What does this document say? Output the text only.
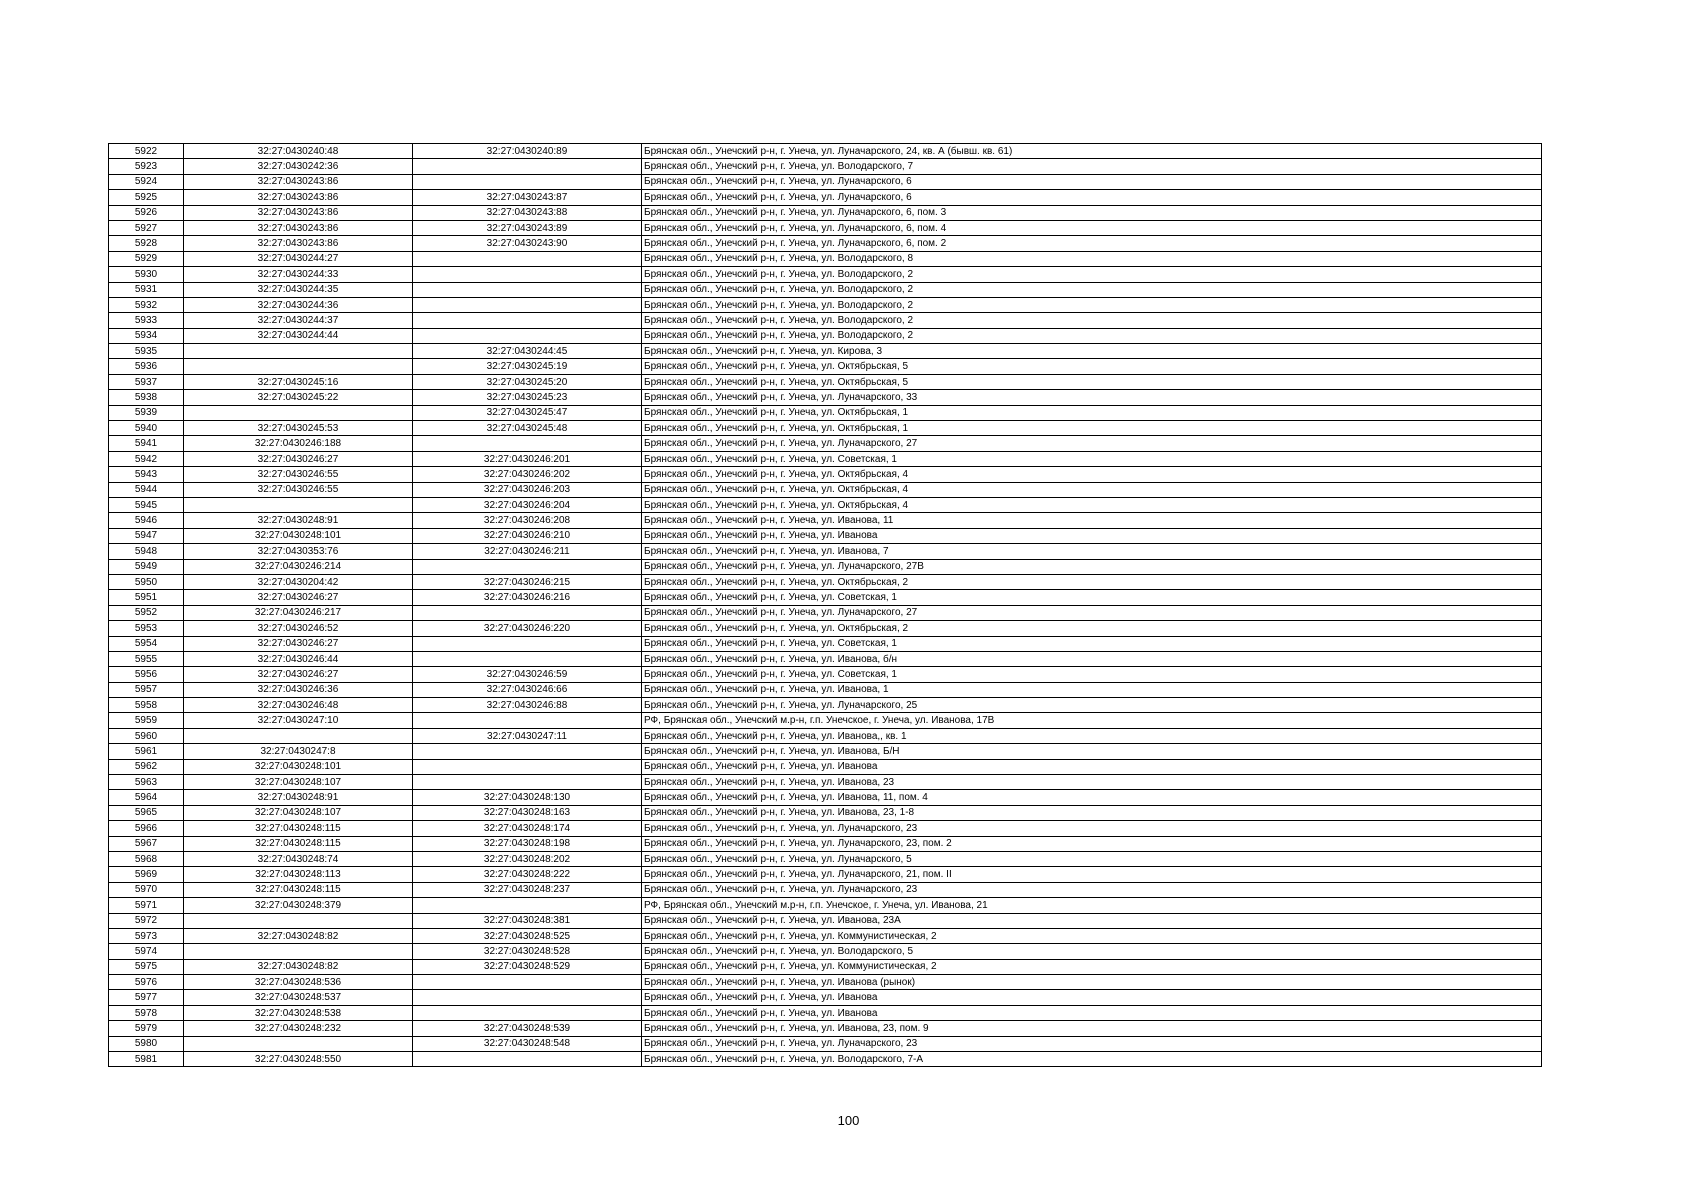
5922	32:27:0430240:48	32:27:0430240:89	Брянская обл., Унечский р-н, г. Унеча, ул. Луначарского, 24, кв. А (бывш. кв. 61)
5923	32:27:0430242:36		Брянская обл., Унечский р-н, г. Унеча, ул. Володарского, 7
5924	32:27:0430243:86		Брянская обл., Унечский р-н, г. Унеча, ул. Луначарского, 6
5925	32:27:0430243:86	32:27:0430243:87	Брянская обл., Унечский р-н, г. Унеча, ул. Луначарского, 6
5926	32:27:0430243:86	32:27:0430243:88	Брянская обл., Унечский р-н, г. Унеча, ул. Луначарского, 6, пом. 3
5927	32:27:0430243:86	32:27:0430243:89	Брянская обл., Унечский р-н, г. Унеча, ул. Луначарского, 6, пом. 4
5928	32:27:0430243:86	32:27:0430243:90	Брянская обл., Унечский р-н, г. Унеча, ул. Луначарского, 6, пом. 2
5929	32:27:0430244:27		Брянская обл., Унечский р-н, г. Унеча, ул. Володарского, 8
5930	32:27:0430244:33		Брянская обл., Унечский р-н, г. Унеча, ул. Володарского, 2
5931	32:27:0430244:35		Брянская обл., Унечский р-н, г. Унеча, ул. Володарского, 2
5932	32:27:0430244:36		Брянская обл., Унечский р-н, г. Унеча, ул. Володарского, 2
5933	32:27:0430244:37		Брянская обл., Унечский р-н, г. Унеча, ул. Володарского, 2
5934	32:27:0430244:44		Брянская обл., Унечский р-н, г. Унеча, ул. Володарского, 2
5935		32:27:0430244:45	Брянская обл., Унечский р-н, г. Унеча, ул. Кирова, 3
5936		32:27:0430245:19	Брянская обл., Унечский р-н, г. Унеча, ул. Октябрьская, 5
5937	32:27:0430245:16	32:27:0430245:20	Брянская обл., Унечский р-н, г. Унеча, ул. Октябрьская, 5
5938	32:27:0430245:22	32:27:0430245:23	Брянская обл., Унечский р-н, г. Унеча, ул. Луначарского, 33
5939		32:27:0430245:47	Брянская обл., Унечский р-н, г. Унеча, ул. Октябрьская, 1
5940	32:27:0430245:53	32:27:0430245:48	Брянская обл., Унечский р-н, г. Унеча, ул. Октябрьская, 1
5941	32:27:0430246:188		Брянская обл., Унечский р-н, г. Унеча, ул. Луначарского, 27
5942	32:27:0430246:27	32:27:0430246:201	Брянская обл., Унечский р-н, г. Унеча, ул. Советская, 1
5943	32:27:0430246:55	32:27:0430246:202	Брянская обл., Унечский р-н, г. Унеча, ул. Октябрьская, 4
5944	32:27:0430246:55	32:27:0430246:203	Брянская обл., Унечский р-н, г. Унеча, ул. Октябрьская, 4
5945		32:27:0430246:204	Брянская обл., Унечский р-н, г. Унеча, ул. Октябрьская, 4
5946	32:27:0430248:91	32:27:0430246:208	Брянская обл., Унечский р-н, г. Унеча, ул. Иванова, 11
5947	32:27:0430248:101	32:27:0430246:210	Брянская обл., Унечский р-н, г. Унеча, ул. Иванова
5948	32:27:0430353:76	32:27:0430246:211	Брянская обл., Унечский р-н, г. Унеча, ул. Иванова, 7
5949	32:27:0430246:214		Брянская обл., Унечский р-н, г. Унеча, ул. Луначарского, 27В
5950	32:27:0430204:42	32:27:0430246:215	Брянская обл., Унечский р-н, г. Унеча, ул. Октябрьская, 2
5951	32:27:0430246:27	32:27:0430246:216	Брянская обл., Унечский р-н, г. Унеча, ул. Советская, 1
5952	32:27:0430246:217		Брянская обл., Унечский р-н, г. Унеча, ул. Луначарского, 27
5953	32:27:0430246:52	32:27:0430246:220	Брянская обл., Унечский р-н, г. Унеча, ул. Октябрьская, 2
5954	32:27:0430246:27		Брянская обл., Унечский р-н, г. Унеча, ул. Советская, 1
5955	32:27:0430246:44		Брянская обл., Унечский р-н, г. Унеча, ул. Иванова, б/н
5956	32:27:0430246:27	32:27:0430246:59	Брянская обл., Унечский р-н, г. Унеча, ул. Советская, 1
5957	32:27:0430246:36	32:27:0430246:66	Брянская обл., Унечский р-н, г. Унеча, ул. Иванова, 1
5958	32:27:0430246:48	32:27:0430246:88	Брянская обл., Унечский р-н, г. Унеча, ул. Луначарского, 25
5959	32:27:0430247:10		РФ, Брянская обл., Унечский м.р-н, г.п. Унечское, г. Унеча, ул. Иванова, 17В
5960		32:27:0430247:11	Брянская обл., Унечский р-н, г. Унеча, ул. Иванова,, кв. 1
5961	32:27:0430247:8		Брянская обл., Унечский р-н, г. Унеча, ул. Иванова, Б/Н
5962	32:27:0430248:101		Брянская обл., Унечский р-н, г. Унеча, ул. Иванова
5963	32:27:0430248:107		Брянская обл., Унечский р-н, г. Унеча, ул. Иванова, 23
5964	32:27:0430248:91	32:27:0430248:130	Брянская обл., Унечский р-н, г. Унеча, ул. Иванова, 11, пом. 4
5965	32:27:0430248:107	32:27:0430248:163	Брянская обл., Унечский р-н, г. Унеча, ул. Иванова, 23, 1-8
5966	32:27:0430248:115	32:27:0430248:174	Брянская обл., Унечский р-н, г. Унеча, ул. Луначарского, 23
5967	32:27:0430248:115	32:27:0430248:198	Брянская обл., Унечский р-н, г. Унеча, ул. Луначарского, 23, пом. 2
5968	32:27:0430248:74	32:27:0430248:202	Брянская обл., Унечский р-н, г. Унеча, ул. Луначарского, 5
5969	32:27:0430248:113	32:27:0430248:222	Брянская обл., Унечский р-н, г. Унеча, ул. Луначарского, 21, пом. II
5970	32:27:0430248:115	32:27:0430248:237	Брянская обл., Унечский р-н, г. Унеча, ул. Луначарского, 23
5971	32:27:0430248:379		РФ, Брянская обл., Унечский м.р-н, г.п. Унечское, г. Унеча, ул. Иванова, 21
5972		32:27:0430248:381	Брянская обл., Унечский р-н, г. Унеча, ул. Иванова, 23А
5973	32:27:0430248:82	32:27:0430248:525	Брянская обл., Унечский р-н, г. Унеча, ул. Коммунистическая, 2
5974		32:27:0430248:528	Брянская обл., Унечский р-н, г. Унеча, ул. Володарского, 5
5975	32:27:0430248:82	32:27:0430248:529	Брянская обл., Унечский р-н, г. Унеча, ул. Коммунистическая, 2
5976	32:27:0430248:536		Брянская обл., Унечский р-н, г. Унеча, ул. Иванова (рынок)
5977	32:27:0430248:537		Брянская обл., Унечский р-н, г. Унеча, ул. Иванова
5978	32:27:0430248:538		Брянская обл., Унечский р-н, г. Унеча, ул. Иванова
5979	32:27:0430248:232	32:27:0430248:539	Брянская обл., Унечский р-н, г. Унеча, ул. Иванова, 23, пом. 9
5980		32:27:0430248:548	Брянская обл., Унечский р-н, г. Унеча, ул. Луначарского, 23
5981	32:27:0430248:550		Брянская обл., Унечский р-н, г. Унеча, ул. Володарского, 7-А
100
